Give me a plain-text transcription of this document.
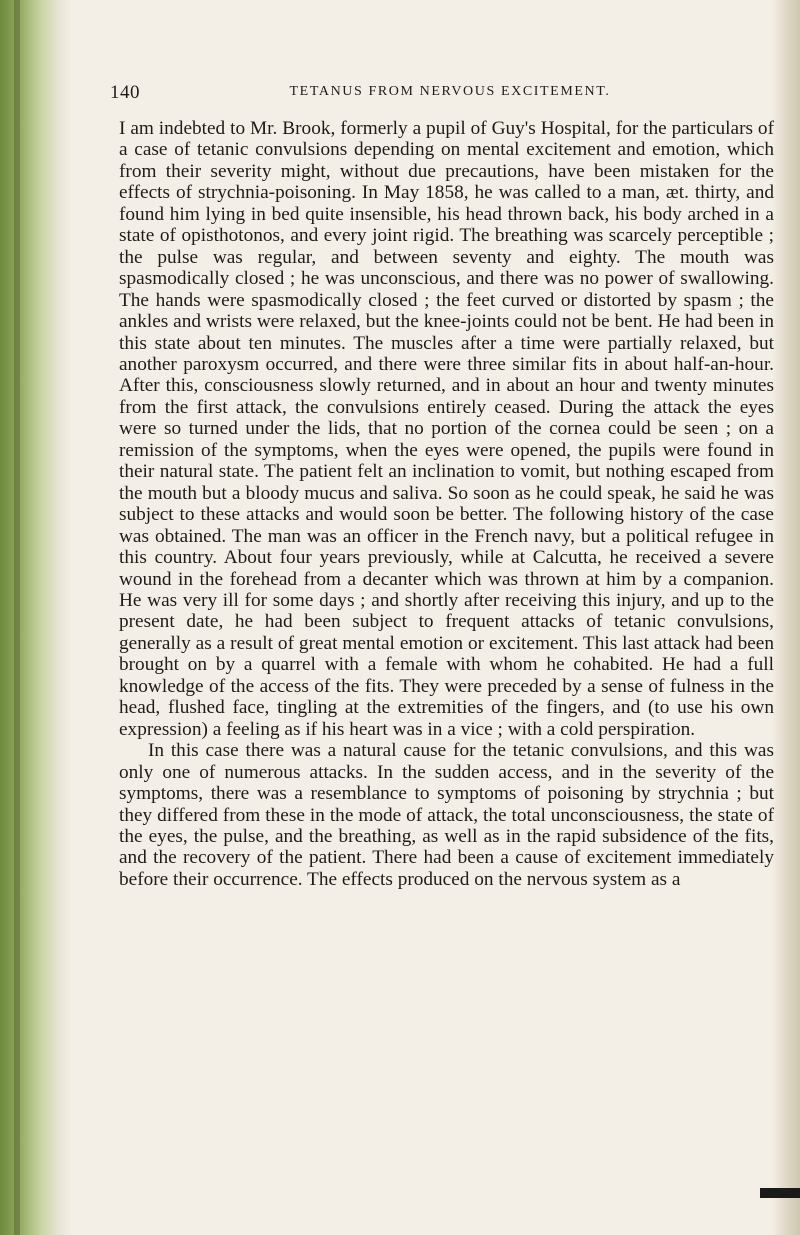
140	TETANUS FROM NERVOUS EXCITEMENT.

I am indebted to Mr. Brook, formerly a pupil of Guy's Hospital, for the particulars of a case of tetanic convulsions depending on mental excitement and emotion, which from their severity might, without due precautions, have been mistaken for the effects of strychnia-poisoning. In May 1858, he was called to a man, æt. thirty, and found him lying in bed quite insensible, his head thrown back, his body arched in a state of opisthotonos, and every joint rigid. The breathing was scarcely perceptible ; the pulse was regular, and between seventy and eighty. The mouth was spasmodically closed ; he was unconscious, and there was no power of swallowing. The hands were spasmodically closed ; the feet curved or distorted by spasm ; the ankles and wrists were relaxed, but the knee-joints could not be bent. He had been in this state about ten minutes. The muscles after a time were partially relaxed, but another paroxysm occurred, and there were three similar fits in about half-an-hour. After this, consciousness slowly returned, and in about an hour and twenty minutes from the first attack, the convulsions entirely ceased. During the attack the eyes were so turned under the lids, that no portion of the cornea could be seen ; on a remission of the symptoms, when the eyes were opened, the pupils were found in their natural state. The patient felt an inclination to vomit, but nothing escaped from the mouth but a bloody mucus and saliva. So soon as he could speak, he said he was subject to these attacks and would soon be better. The following history of the case was obtained. The man was an officer in the French navy, but a political refugee in this country. About four years previously, while at Calcutta, he received a severe wound in the forehead from a decanter which was thrown at him by a companion. He was very ill for some days ; and shortly after receiving this injury, and up to the present date, he had been subject to frequent attacks of tetanic convulsions, generally as a result of great mental emotion or excitement. This last attack had been brought on by a quarrel with a female with whom he cohabited. He had a full knowledge of the access of the fits. They were preceded by a sense of fulness in the head, flushed face, tingling at the extremities of the fingers, and (to use his own expression) a feeling as if his heart was in a vice ; with a cold perspiration.

In this case there was a natural cause for the tetanic convulsions, and this was only one of numerous attacks. In the sudden access, and in the severity of the symptoms, there was a resemblance to symptoms of poisoning by strychnia ; but they differed from these in the mode of attack, the total unconsciousness, the state of the eyes, the pulse, and the breathing, as well as in the rapid subsidence of the fits, and the recovery of the patient. There had been a cause of excitement immediately before their occurrence. The effects produced on the nervous system as a
